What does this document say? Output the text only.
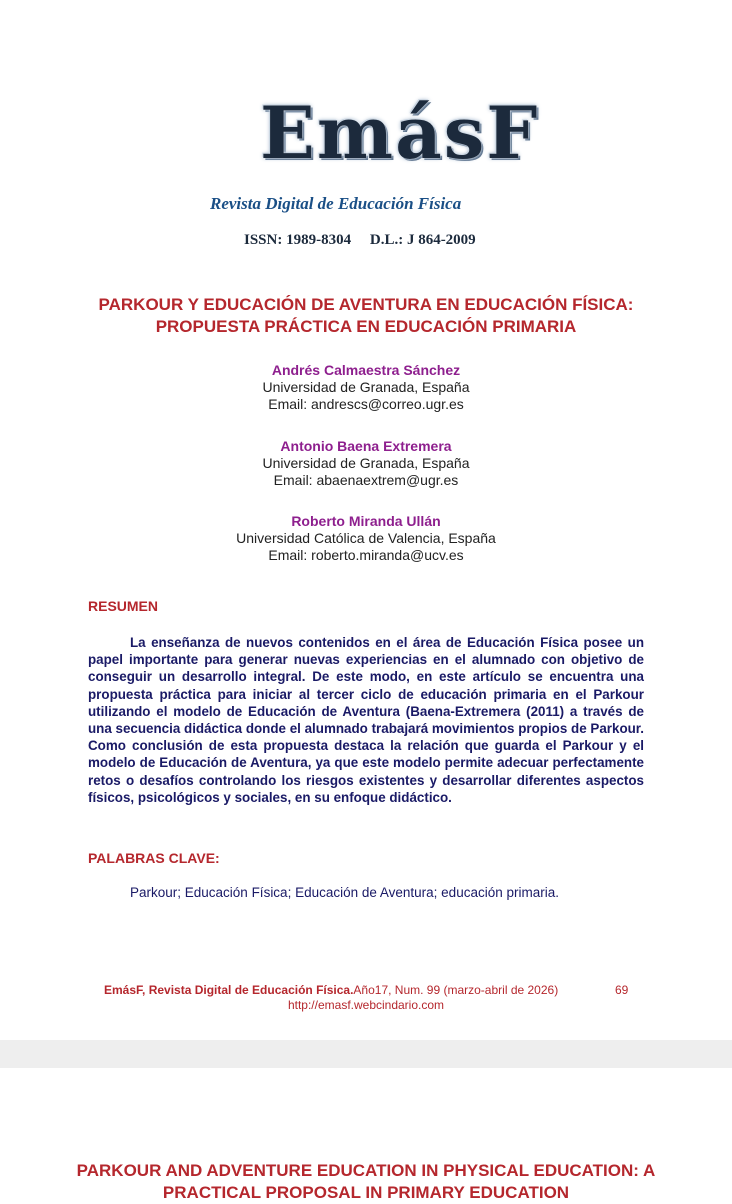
EmásF
Revista Digital de Educación Física
ISSN: 1989-8304 D.L.: J 864-2009
PARKOUR Y EDUCACIÓN DE AVENTURA EN EDUCACIÓN FÍSICA:
PROPUESTA PRÁCTICA EN EDUCACIÓN PRIMARIA
Andrés Calmaestra Sánchez
Universidad de Granada, España
Email: andrescs@correo.ugr.es
Antonio Baena Extremera
Universidad de Granada, España
Email: abaenaextrem@ugr.es
Roberto Miranda Ullán
Universidad Católica de Valencia, España
Email: roberto.miranda@ucv.es
RESUMEN

La enseñanza de nuevos contenidos en el área de Educación Física posee un papel importante para generar nuevas experiencias en el alumnado con objetivo de conseguir un desarrollo integral. De este modo, en este artículo se encuentra una propuesta práctica para iniciar al tercer ciclo de educación primaria en el Parkour utilizando el modelo de Educación de Aventura (Baena-Extremera (2011) a través de una secuencia didáctica donde el alumnado trabajará movimientos propios de Parkour. Como conclusión de esta propuesta destaca la relación que guarda el Parkour y el modelo de Educación de Aventura, ya que este modelo permite adecuar perfectamente retos o desafíos controlando los riesgos existentes y desarrollar diferentes aspectos físicos, psicológicos y sociales, en su enfoque didáctico.

PALABRAS CLAVE:
Parkour; Educación Física; Educación de Aventura; educación primaria.
EmásF, Revista Digital de Educación Física.Año17, Num. 99 (marzo-abril de 2026)	69
http://emasf.webcindario.com
PARKOUR AND ADVENTURE EDUCATION IN PHYSICAL EDUCATION: A
PRACTICAL PROPOSAL IN PRIMARY EDUCATION
